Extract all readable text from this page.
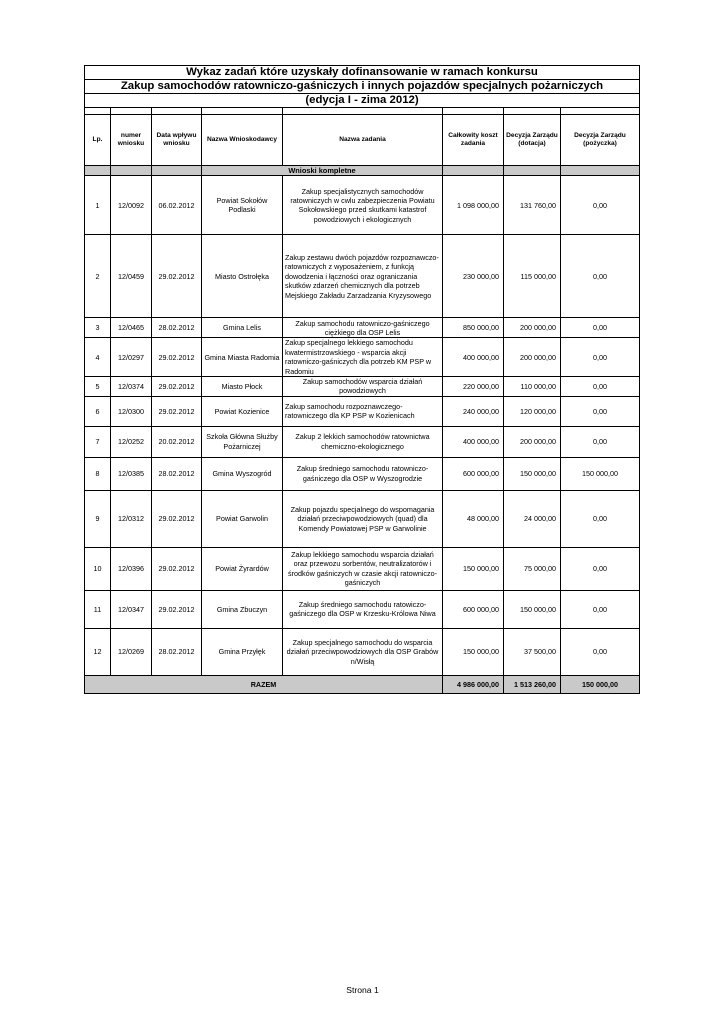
Wykaz zadań które uzyskały dofinansowanie w ramach konkursu							
Zakup samochodów ratowniczo-gaśniczych i innych pojazdów specjalnych pożarniczych							
(edycja I - zima 2012)							

Lp.	numer wniosku	Data wpływu wniosku	Nazwa Wnioskodawcy	Nazwa zadania	Całkowity koszt zadania	Decyzja Zarządu (dotacja)	Decyzja Zarządu (pożyczka)
			Wnioski kompletne				
1	12/0092	06.02.2012	Powiat Sokołów Podlaski	Zakup specjalistycznych samochodów ratowniczych w cwlu zabezpieczenia Powiatu Sokołowskiego przed skutkami katastrof powodziowych i ekologicznych	1 098 000,00	131 760,00	0,00
2	12/0459	29.02.2012	Miasto Ostrołęka	Zakup zestawu dwóch pojazdów rozpoznawczo-ratowniczych z wyposażeniem, z funkcją dowodzenia i łączności oraz ograniczania skutków zdarzeń chemicznych dla potrzeb Mejskiego Zakładu Zarzadzania Kryzysowego	230 000,00	115 000,00	0,00
3	12/0465	28.02.2012	Gmina Lelis	Zakup samochodu ratowniczo-gaśniczego ciężkiego dla OSP Lelis	850 000,00	200 000,00	0,00
4	12/0297	29.02.2012	Gmina Miasta Radomia	Zakup specjalnego lekkiego samochodu kwatermistrzowskiego - wsparcia akcji ratowniczo-gaśniczych dla potrzeb KM PSP w Radomiu	400 000,00	200 000,00	0,00
5	12/0374	29.02.2012	Miasto Płock	Zakup samochodów wsparcia działań powodziowych	220 000,00	110 000,00	0,00
6	12/0300	29.02.2012	Powiat Kozienice	Zakup samochodu rozpoznawczego-ratowniczego dla KP PSP w Kozienicach	240 000,00	120 000,00	0,00
7	12/0252	20.02.2012	Szkoła Główna Służby Pożarniczej	Zakup 2 lekkich samochodów ratownictwa chemiczno-ekologicznego	400 000,00	200 000,00	0,00
8	12/0385	28.02.2012	Gmina Wyszogród	Zakup średniego samochodu ratowniczo-gaśniczego dla OSP w Wyszogrodzie	600 000,00	150 000,00	150 000,00
9	12/0312	29.02.2012	Powiat Garwolin	Zakup pojazdu specjalnego do wspomagania działań przeciwpowodziowych (quad) dla Komendy Powiatowej PSP w Garwolinie	48 000,00	24 000,00	0,00
10	12/0396	29.02.2012	Powiat Żyrardów	Zakup lekkiego samochodu wsparcia działań oraz przewozu sorbentów, neutralizatorów i środków gaśniczych w czasie akcji ratowniczo-gaśniczych	150 000,00	75 000,00	0,00
11	12/0347	29.02.2012	Gmina Zbuczyn	Zakup średniego samochodu ratowiczo-gaśniczego dla OSP w Krzesku-Królowa Niwa	600 000,00	150 000,00	0,00
12	12/0269	28.02.2012	Gmina Przyłęk	Zakup specjalnego samochodu do wsparcia działań przeciwpowodziowych dla OSP Grabów n/Wisłą	150 000,00	37 500,00	0,00
RAZEM					4 986 000,00	1 513 260,00	150 000,00
Strona 1
